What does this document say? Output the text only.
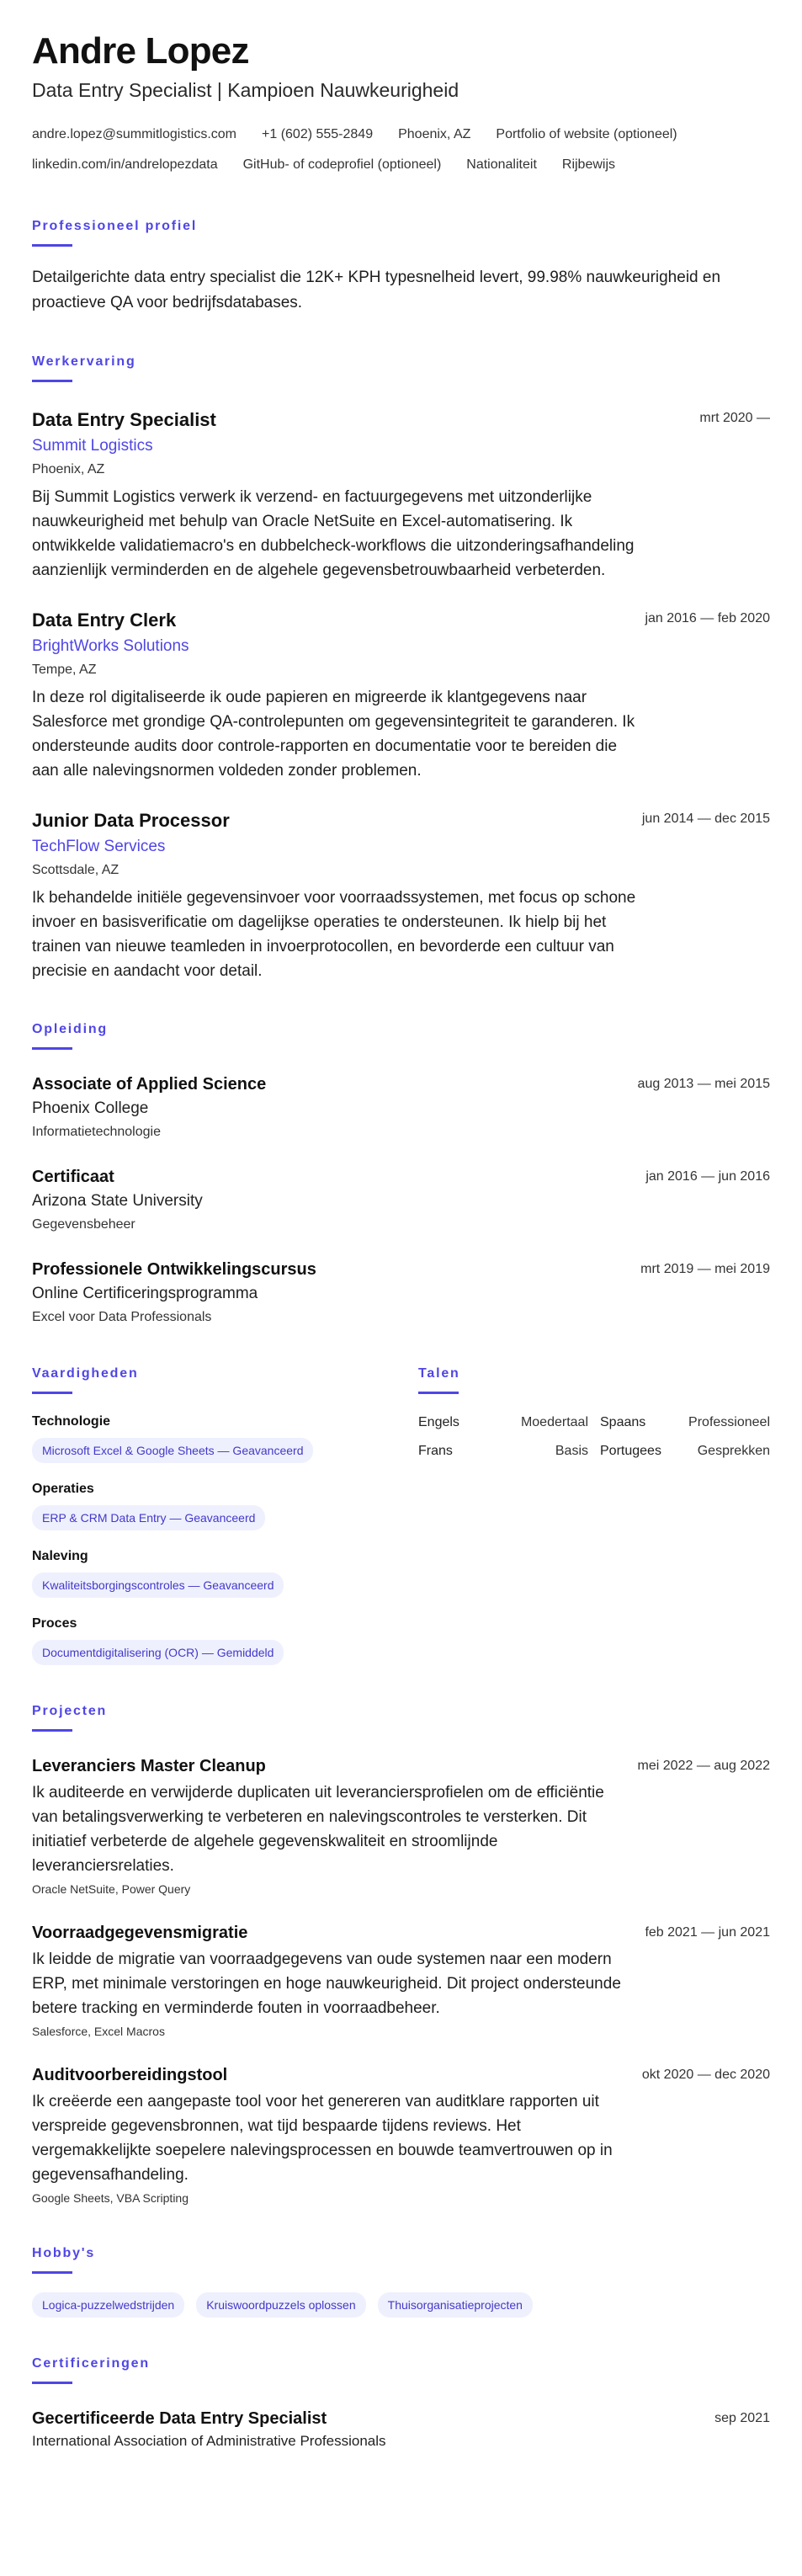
Andre Lopez
Data Entry Specialist | Kampioen Nauwkeurigheid
andre.lopez@summitlogistics.com +1 (602) 555-2849 Phoenix, AZ Portfolio of website (optioneel)
linkedin.com/in/andrelopezdata GitHub- of codeprofiel (optioneel) Nationaliteit Rijbewijs
Professioneel profiel

Detailgerichte data entry specialist die 12K+ KPH typesnelheid levert, 99.98% nauwkeurigheid en proactieve QA voor bedrijfsdatabases.

Werkervaring
Data Entry Specialist	mrt 2020 —
Summit Logistics
Phoenix, AZ

Bij Summit Logistics verwerk ik verzend- en factuurgegevens met uitzonderlijke nauwkeurigheid met behulp van Oracle NetSuite en Excel-automatisering. Ik ontwikkelde validatiemacro's en dubbelcheck-workflows die uitzonderingsafhandeling aanzienlijk verminderden en de algehele gegevensbetrouwbaarheid verbeterden.

Data Entry Clerk	jan 2016 — feb 2020
BrightWorks Solutions
Tempe, AZ

In deze rol digitaliseerde ik oude papieren en migreerde ik klantgegevens naar Salesforce met grondige QA-controlepunten om gegevensintegriteit te garanderen. Ik ondersteunde audits door controle-rapporten en documentatie voor te bereiden die aan alle nalevingsnormen voldeden zonder problemen.

Junior Data Processor	jun 2014 — dec 2015
TechFlow Services
Scottsdale, AZ

Ik behandelde initiële gegevensinvoer voor voorraadssystemen, met focus op schone invoer en basisverificatie om dagelijkse operaties te ondersteunen. Ik hielp bij het trainen van nieuwe teamleden in invoerprotocollen, en bevorderde een cultuur van precisie en aandacht voor detail.

Opleiding
Associate of Applied Science	aug 2013 — mei 2015
Phoenix College
Informatietechnologie
Certificaat	jan 2016 — jun 2016
Arizona State University
Gegevensbeheer
Professionele Ontwikkelingscursus	mrt 2019 — mei 2019
Online Certificeringsprogramma
Excel voor Data Professionals
Vaardigheden
Technologie
Microsoft Excel & Google Sheets — Geavanceerd
Operaties
ERP & CRM Data Entry — Geavanceerd
Naleving
Kwaliteitsborgingscontroles — Geavanceerd
Proces
Documentdigitalisering (OCR) — Gemiddeld
Talen
Engels	Moedertaal Spaans	Professioneel
Frans	Basis Portugees	Gesprekken
Projecten
Leveranciers Master Cleanup	mei 2022 — aug 2022

Ik auditeerde en verwijderde duplicaten uit leveranciersprofielen om de efficiëntie van betalingsverwerking te verbeteren en nalevingscontroles te versterken. Dit initiatief verbeterde de algehele gegevenskwaliteit en stroomlijnde leveranciersrelaties.

Oracle NetSuite, Power Query
Voorraadgegevensmigratie	feb 2021 — jun 2021

Ik leidde de migratie van voorraadgegevens van oude systemen naar een modern ERP, met minimale verstoringen en hoge nauwkeurigheid. Dit project ondersteunde betere tracking en verminderde fouten in voorraadbeheer.

Salesforce, Excel Macros
Auditvoorbereidingstool	okt 2020 — dec 2020

Ik creëerde een aangepaste tool voor het genereren van auditklare rapporten uit verspreide gegevensbronnen, wat tijd bespaarde tijdens reviews. Het vergemakkelijkte soepelere nalevingsprocessen en bouwde teamvertrouwen op in gegevensafhandeling.

Google Sheets, VBA Scripting
Hobby's
Logica-puzzelwedstrijden	Kruiswoordpuzzels oplossen	Thuisorganisatieprojecten
Certificeringen
Gecertificeerde Data Entry Specialist	sep 2021
International Association of Administrative Professionals
